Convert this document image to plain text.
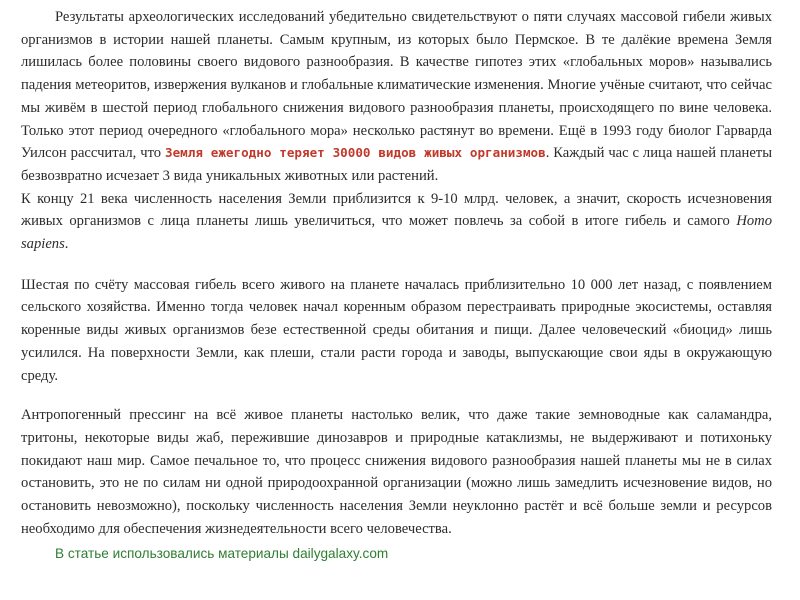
Результаты археологических исследований убедительно свидетельствуют о пяти случаях массовой гибели живых организмов в истории нашей планеты. Самым крупным, из которых было Пермское. В те далёкие времена Земля лишилась более половины своего видового разнообразия. В качестве гипотез этих «глобальных моров» назывались падения метеоритов, извержения вулканов и глобальные климатические изменения. Многие учёные считают, что сейчас мы живём в шестой период глобального снижения видового разнообразия планеты, происходящего по вине человека. Только этот период очередного «глобального мора» несколько растянут во времени. Ещё в 1993 году биолог Гарварда Уилсон рассчитал, что Земля ежегодно теряет 30000 видов живых организмов. Каждый час с лица нашей планеты безвозвратно исчезает 3 вида уникальных животных или растений.

К концу 21 века численность населения Земли приблизится к 9-10 млрд. человек, а значит, скорость исчезновения живых организмов с лица планеты лишь увеличиться, что может повлечь за собой в итоге гибель и самого Homo sapiens.

Шестая по счёту массовая гибель всего живого на планете началась приблизительно 10 000 лет назад, с появлением сельского хозяйства. Именно тогда человек начал коренным образом перестраивать природные экосистемы, оставляя коренные виды живых организмов безе естественной среды обитания и пищи. Далее человеческий «биоцид» лишь усилился. На поверхности Земли, как плеши, стали расти города и заводы, выпускающие свои яды в окружающую среду.

Антропогенный прессинг на всё живое планеты настолько велик, что даже такие земноводные как саламандра, тритоны, некоторые виды жаб, пережившие динозавров и природные катаклизмы, не выдерживают и потихоньку покидают наш мир. Самое печальное то, что процесс снижения видового разнообразия нашей планеты мы не в силах остановить, это не по силам ни одной природоохранной организации (можно лишь замедлить исчезновение видов, но остановить невозможно), поскольку численность населения Земли неуклонно растёт и всё больше земли и ресурсов необходимо для обеспечения жизнедеятельности всего человечества.

В статье использовались материалы dailygalaxy.com
